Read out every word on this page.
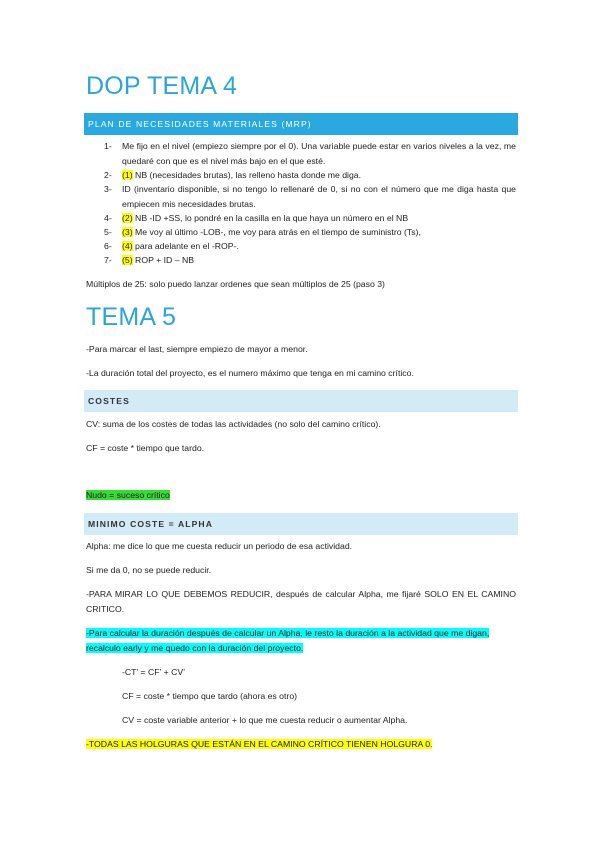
DOP TEMA 4
PLAN DE NECESIDADES MATERIALES (MRP)
1- Me fijo en el nivel (empiezo siempre por el 0). Una variable puede estar en varios niveles a la vez, me quedaré con que es el nivel más bajo en el que esté.
2- (1) NB (necesidades brutas), las relleno hasta donde me diga.
3- ID (inventario disponible, si no tengo lo rellenaré de 0, si no con el número que me diga hasta que empiecen mis necesidades brutas.
4- (2) NB -ID +SS, lo pondré en la casilla en la que haya un número en el NB
5- (3) Me voy al último -LOB-, me voy para atrás en el tiempo de suministro (Ts),
6- (4) para adelante en el -ROP-.
7- (5) ROP + ID – NB
Múltiplos de 25: solo puedo lanzar ordenes que sean múltiplos de 25 (paso 3)
TEMA 5
-Para marcar el last, siempre empiezo de mayor a menor.
-La duración total del proyecto, es el numero máximo que tenga en mi camino crítico.
COSTES
CV: suma de los costes de todas las actividades (no solo del camino crítico).
CF = coste * tiempo que tardo.
Nudo = suceso crítico
MINIMO COSTE = ALPHA
Alpha: me dice lo que me cuesta reducir un periodo de esa actividad.
Si me da 0, no se puede reducir.
-PARA MIRAR LO QUE DEBEMOS REDUCIR, después de calcular Alpha, me fijaré SOLO EN EL CAMINO CRITICO.
-Para calcular la duración después de calcular un Alpha, le resto la duración a la actividad que me digan,
recalculo early y me quedo con la duración del proyecto.
-CT’ = CF’ + CV’
CF = coste * tiempo que tardo (ahora es otro)
CV = coste variable anterior + lo que me cuesta reducir o aumentar Alpha.
-TODAS LAS HOLGURAS QUE ESTÁN EN EL CAMINO CRÍTICO TIENEN HOLGURA 0.
